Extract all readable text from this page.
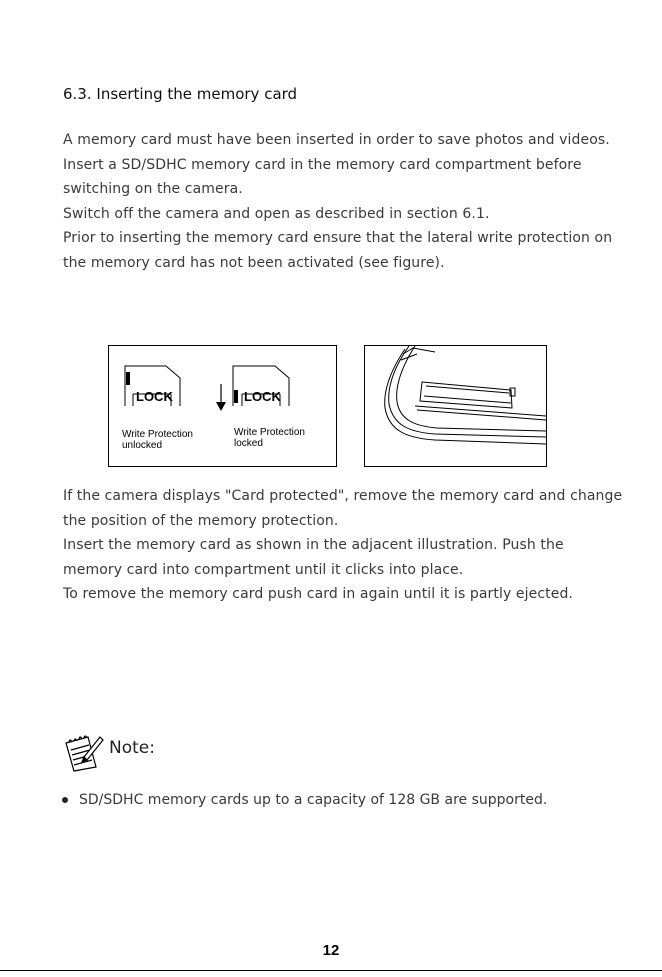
6.3. Inserting the memory card

A memory card must have been inserted in order to save photos and videos.

Insert a SD/SDHC memory card in the memory card compartment before

switching on the camera.

Switch off the camera and open as described in section 6.1.

Prior to inserting the memory card ensure that the lateral write protection on

the memory card has not been activated (see figure).

LOCK	LOCK
Write Protection
unlocked
Write Protection
locked

If the camera displays "Card protected", remove the memory card and change

the position of the memory protection.

Insert the memory card as shown in the adjacent illustration. Push the

memory card into compartment until it clicks into place.

To remove the memory card push card in again until it is partly ejected.

Note:
SD/SDHC memory cards up to a capacity of 128 GB are supported.
12
